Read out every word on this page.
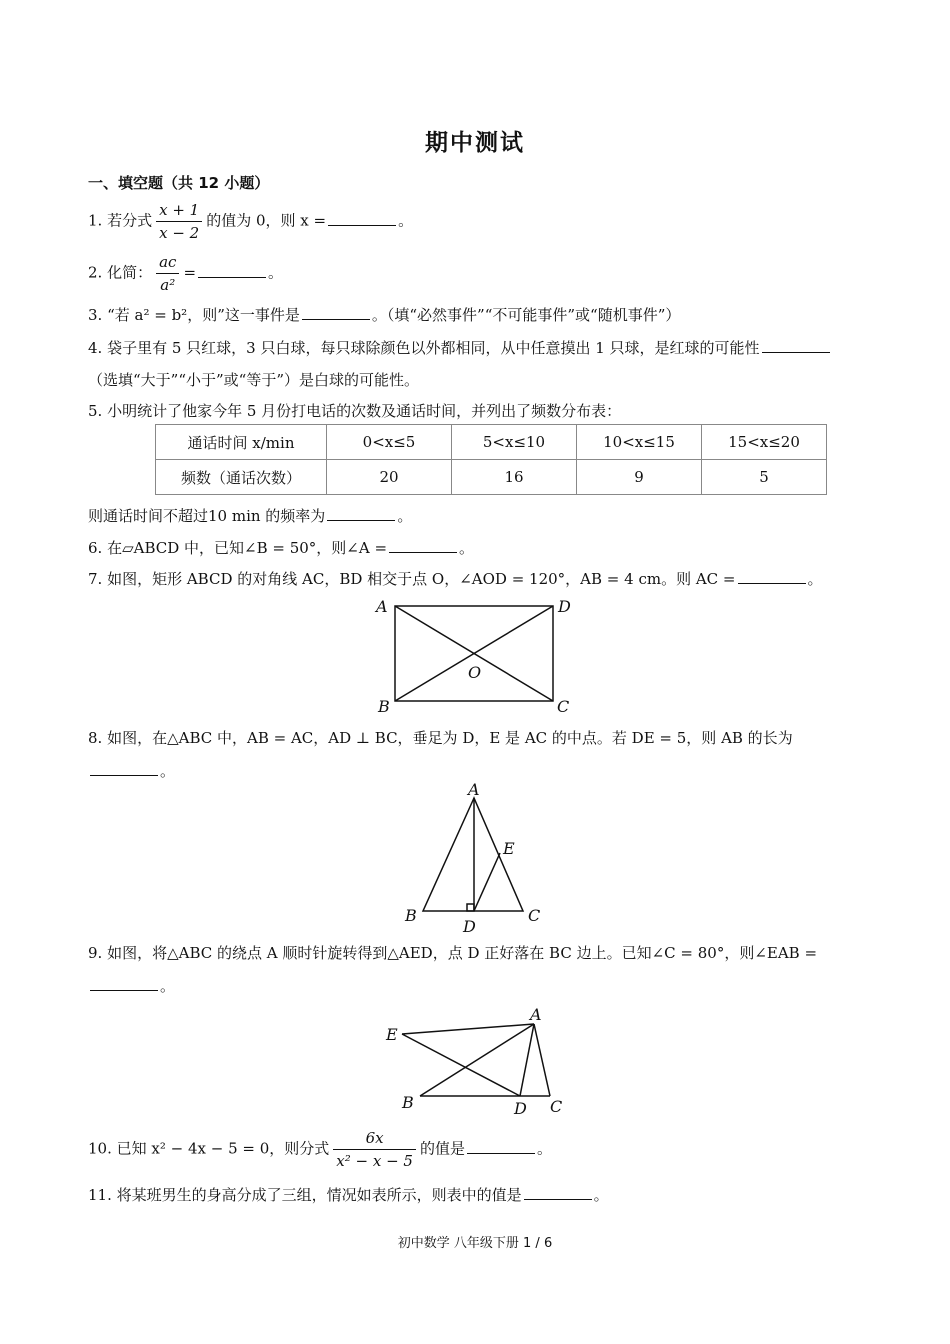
期中测试
一、填空题（共 12 小题）
1. 若分式 $\frac{x + 1}{x - 2}$ 的值为 0，则 x =	。
2. 化简： $\frac{ac}{\text{a²}}$ =	。
3. “若 a² = b²，则”这一事件是	。（填“必然事件”“不可能事件”或“随机事件”）
4. 袋子里有 5 只红球，3 只白球，每只球除颜色以外都相同，从中任意摸出 1 只球，是红球的可能性
（选填“大于”“小于”或“等于”）是白球的可能性。
5. 小明统计了他家今年 5 月份打电话的次数及通话时间，并列出了频数分布表：
通话时间 x/min	0<x≤5	5<x≤10	10<x≤15	15<x≤20
频数（通话次数）	20	16	9	5
则通话时间不超过10 min 的频率为	。
6. 在▱ABCD 中，已知∠B = 50°，则∠A =	。
7. 如图，矩形 ABCD 的对角线 AC，BD 相交于点 O，∠AOD = 120°，AB = 4 cm。则 AC =	。
A	D
B	C
O
8. 如图，在△ABC 中，AB = AC，AD ⊥ BC，垂足为 D，E 是 AC 的中点。若 DE = 5，则 AB 的长为
。
A
E
B	C
D
9. 如图，将△ABC 的绕点 A 顺时针旋转得到△AED，点 D 正好落在 BC 边上。已知∠C = 80°，则∠EAB =
。
E
A
B	D C
10. 已知 x² − 4x − 5 = 0，则分式 $\frac{6x}{\text{x² − x − 5}}$ 的值是	。
11. 将某班男生的身高分成了三组，情况如表所示，则表中的值是	。
初中数学 八年级下册 1 / 6
